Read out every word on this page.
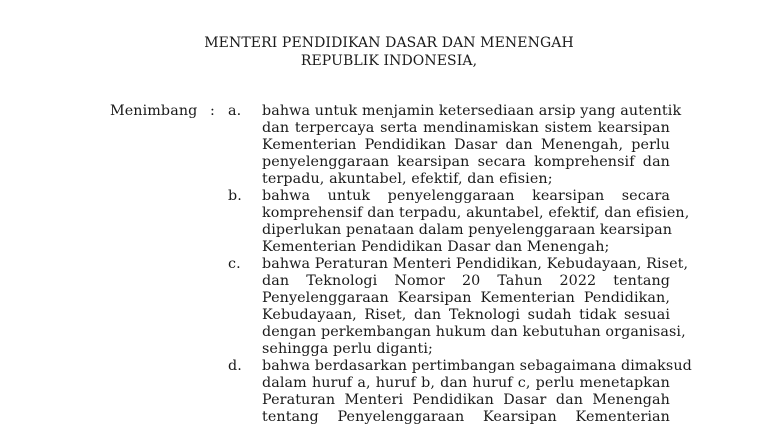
MENTERI PENDIDIKAN DASAR DAN MENENGAH
REPUBLIK INDONESIA,
Menimbang : a. bahwa untuk menjamin ketersediaan arsip yang autentik
dan terpercaya serta mendinamiskan sistem kearsipan
Kementerian Pendidikan Dasar dan Menengah, perlu
penyelenggaraan kearsipan secara komprehensif dan
terpadu, akuntabel, efektif, dan efisien;
b. bahwa untuk penyelenggaraan kearsipan secara
komprehensif dan terpadu, akuntabel, efektif, dan efisien,
diperlukan penataan dalam penyelenggaraan kearsipan
Kementerian Pendidikan Dasar dan Menengah;
c. bahwa Peraturan Menteri Pendidikan, Kebudayaan, Riset,
dan Teknologi Nomor 20 Tahun 2022 tentang
Penyelenggaraan Kearsipan Kementerian Pendidikan,
Kebudayaan, Riset, dan Teknologi sudah tidak sesuai
dengan perkembangan hukum dan kebutuhan organisasi,
sehingga perlu diganti;
d. bahwa berdasarkan pertimbangan sebagaimana dimaksud
dalam huruf a, huruf b, dan huruf c, perlu menetapkan
Peraturan Menteri Pendidikan Dasar dan Menengah
tentang Penyelenggaraan Kearsipan Kementerian
